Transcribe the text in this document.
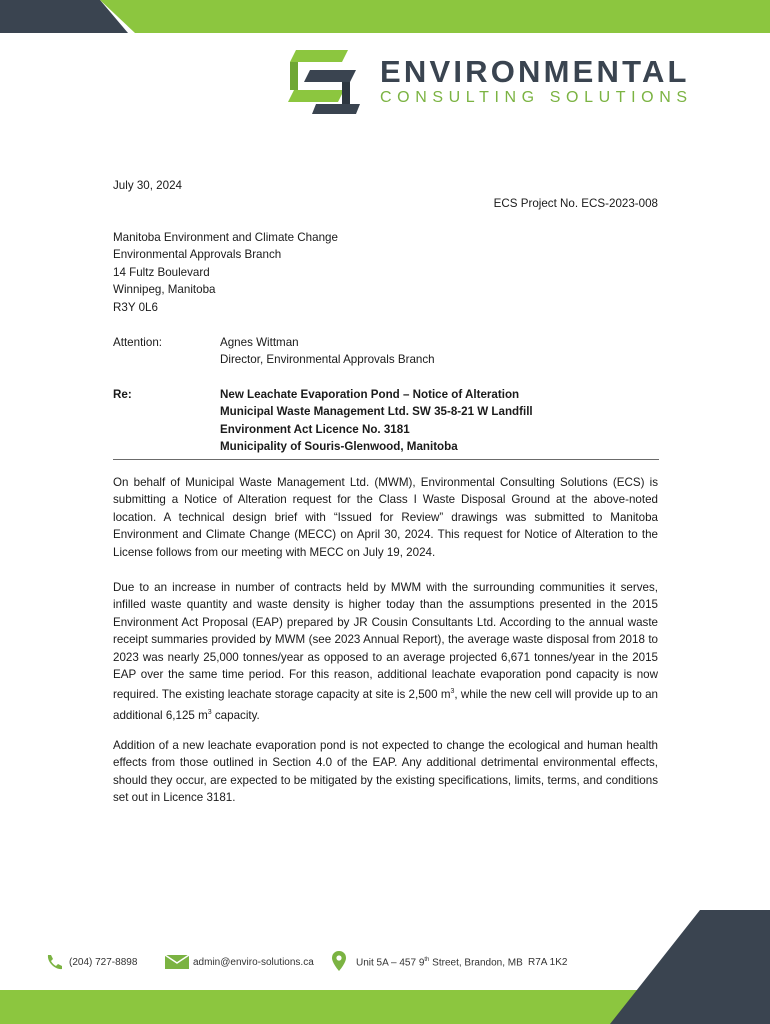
ENVIRONMENTAL
CONSULTING SOLUTIONS
July 30, 2024
ECS Project No. ECS-2023-008
Manitoba Environment and Climate Change
Environmental Approvals Branch
14 Fultz Boulevard
Winnipeg, Manitoba
R3Y 0L6
Attention:	Agnes Wittman
Director, Environmental Approvals Branch
Re:	New Leachate Evaporation Pond – Notice of Alteration
Municipal Waste Management Ltd. SW 35-8-21 W Landfill
Environment Act Licence No. 3181
Municipality of Souris-Glenwood, Manitoba
On behalf of Municipal Waste Management Ltd. (MWM), Environmental Consulting Solutions (ECS) is submitting a Notice of Alteration request for the Class I Waste Disposal Ground at the above-noted location. A technical design brief with “Issued for Review” drawings was submitted to Manitoba Environment and Climate Change (MECC) on April 30, 2024. This request for Notice of Alteration to the License follows from our meeting with MECC on July 19, 2024.
Due to an increase in number of contracts held by MWM with the surrounding communities it serves, infilled waste quantity and waste density is higher today than the assumptions presented in the 2015 Environment Act Proposal (EAP) prepared by JR Cousin Consultants Ltd. According to the annual waste receipt summaries provided by MWM (see 2023 Annual Report), the average waste disposal from 2018 to 2023 was nearly 25,000 tonnes/year as opposed to an average projected 6,671 tonnes/year in the 2015 EAP over the same time period. For this reason, additional leachate evaporation pond capacity is now required. The existing leachate storage capacity at site is 2,500 $m^3$, while the new cell will provide up to an additional 6,125 $m^3$ capacity.
Addition of a new leachate evaporation pond is not expected to change the ecological and human health effects from those outlined in Section 4.0 of the EAP. Any additional detrimental environmental effects, should they occur, are expected to be mitigated by the existing specifications, limits, terms, and conditions set out in Licence 3181.
(204) 727-8898	admin@enviro-solutions.ca	Unit 5A – 457 9th Street, Brandon, MB R7A 1K2
